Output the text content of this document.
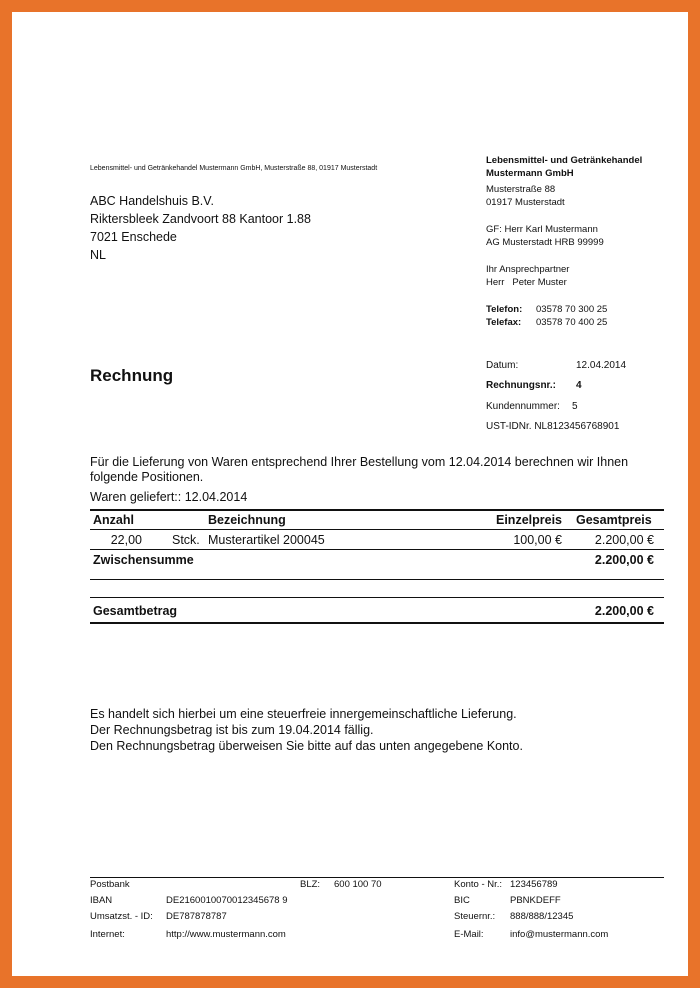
Lebensmittel- und Getränkehandel Mustermann GmbH, Musterstraße 88, 01917 Musterstadt
ABC Handelshuis B.V.
Riktersbleek Zandvoort 88 Kantoor 1.88
7021 Enschede
NL
Lebensmittel- und Getränkehandel
Mustermann GmbH
Musterstraße 88
01917 Musterstadt
GF: Herr Karl Mustermann
AG Musterstadt HRB 99999
Ihr Ansprechpartner
Herr   Peter Muster
Telefon: 03578 70 300 25
Telefax: 03578 70 400 25
Rechnung
Datum:	12.04.2014
Rechnungsnr.: 4
Kundennummer: 5
UST-IDNr. NL8123456768901
Für die Lieferung von Waren entsprechend Ihrer Bestellung vom 12.04.2014 berechnen wir Ihnen
folgende Positionen.
Waren geliefert:: 12.04.2014
Anzahl	Bezeichnung	Einzelpreis Gesamtpreis
22,00 Stck. Musterartikel 200045	100,00 €	2.200,00 €
Zwischensumme	2.200,00 €
Gesamtbetrag	2.200,00 €
Es handelt sich hierbei um eine steuerfreie innergemeinschaftliche Lieferung.
Der Rechnungsbetrag ist bis zum 19.04.2014 fällig.
Den Rechnungsbetrag überweisen Sie bitte auf das unten angegebene Konto.
Postbank	BLZ: 600 100 70	Konto - Nr.: 123456789
IBAN	DE2160010070012345678 9	BIC	PBNKDEFF
Umsatzst. - ID: DE787878787	Steuernr.: 888/888/12345
Internet:	http://www.mustermann.com	E-Mail:	info@mustermann.com
